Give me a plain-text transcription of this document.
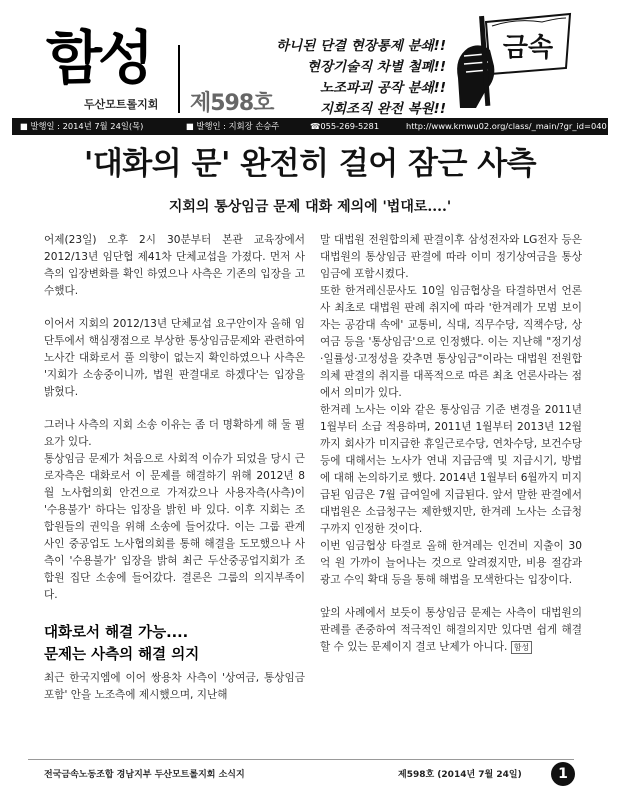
함성
두산모트롤지회 제598호
하니된 단결 현장통제 분쇄!!
현장기술직 차별 철폐!!
노조파괴 공작 분쇄!!
지회조직 완전 복원!!
금속
■ 발행일 : 2014년 7월 24일(목)	■ 발행인 : 지회장 손승주	☎055-269-5281	http://www.kmwu02.org/class/_main/?gr_id=040
'대화의 문' 완전히 걸어 잠근 사측
지회의 통상임금 문제 대화 제의에 '법대로....'

어제(23일) 오후 2시 30분부터 본관 교육장에서 2012/13년 임단협 제41차 단체교섭을 가졌다. 먼저 사측의 입장변화를 확인 하였으나 사측은 기존의 입장을 고수했다.

이어서 지회의 2012/13년 단체교섭 요구안이자 올해 임단투에서 핵심쟁점으로 부상한 통상임금문제와 관련하여 노사간 대화로서 풀 의향이 없는지 확인하였으나 사측은 '지회가 소송중이니까, 법원 판결대로 하겠다'는 입장을 밝혔다.

그러나 사측의 지회 소송 이유는 좀 더 명확하게 해 둘 필요가 있다.

통상임금 문제가 처음으로 사회적 이슈가 되었을 당시 근로자측은 대화로서 이 문제를 해결하기 위해 2012년 8월 노사협의회 안건으로 가져갔으나 사용자측(사측)이 '수용불가' 하다는 입장을 밝힌 바 있다. 이후 지회는 조합원들의 권익을 위해 소송에 들어갔다. 이는 그룹 관계사인 중공업도 노사협의회를 통해 해결을 도모했으나 사측이 '수용불가' 입장을 밝혀 최근 두산중공업지회가 조합원 집단 소송에 들어갔다. 결론은 그룹의 의지부족이다.

대화로서 해결 가능....

문제는 사측의 해결 의지

최근 한국지엠에 이어 쌍용차 사측이 '상여금, 통상임금 포함' 안을 노조측에 제시했으며, 지난해

말 대법원 전원합의체 판결이후 삼성전자와 LG전자 등은 대법원의 통상임금 판결에 따라 이미 정기상여금을 통상임금에 포함시켰다.

또한 한겨레신문사도 10일 임금협상을 타결하면서 언론사 최초로 대법원 판례 취지에 따라 '한겨레가 모범 보이자는 공감대 속에' 교통비, 식대, 직무수당, 직책수당, 상여금 등을 '통상임금'으로 인정했다. 이는 지난해 "정기성·일률성·고정성을 갖추면 통상임금"이라는 대법원 전원합의체 판결의 취지를 대폭적으로 따른 최초 언론사라는 점에서 의미가 있다.

한겨레 노사는 이와 같은 통상임금 기준 변경을 2011년 1월부터 소급 적용하며, 2011년 1월부터 2013년 12월까지 회사가 미지급한 휴일근로수당, 연차수당, 보건수당 등에 대해서는 노사가 연내 지급금액 및 지급시기, 방법에 대해 논의하기로 했다. 2014년 1월부터 6월까지 미지급된 임금은 7월 급여일에 지급된다. 앞서 말한 판결에서 대법원은 소급청구는 제한했지만, 한겨레 노사는 소급청구까지 인정한 것이다.

이번 임금협상 타결로 올해 한겨레는 인건비 지출이 30억 원 가까이 늘어나는 것으로 알려졌지만, 비용 절감과 광고 수익 확대 등을 통해 해법을 모색한다는 입장이다.

앞의 사례에서 보듯이 통상임금 문제는 사측이 대법원의 판례를 존중하여 적극적인 해결의지만 있다면 쉽게 해결할 수 있는 문제이지 결코 난제가 아니다. 함성

전국금속노동조합 경남지부 두산모트롤지회 소식지	제598호 (2014년 7월 24일)	1
